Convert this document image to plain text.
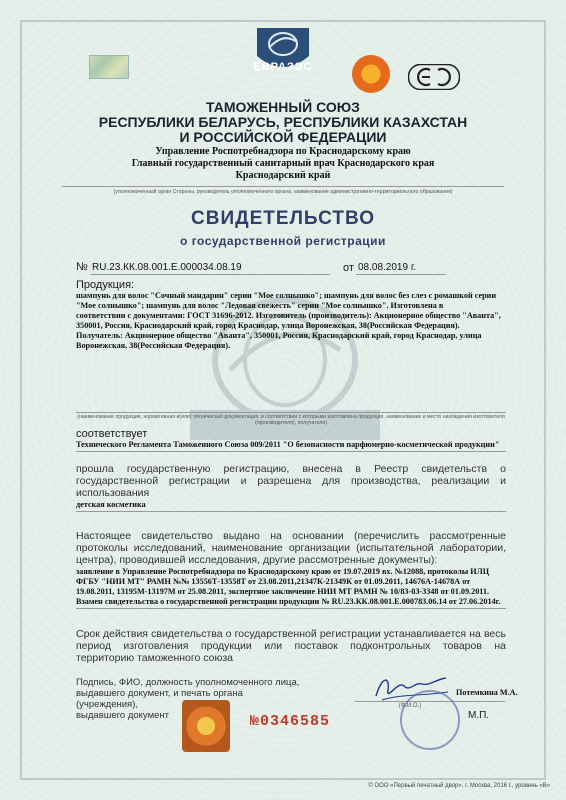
ЕВРАЗЭС
ТАМОЖЕННЫЙ СОЮЗ
РЕСПУБЛИКИ БЕЛАРУСЬ, РЕСПУБЛИКИ КАЗАХСТАН
И РОССИЙСКОЙ ФЕДЕРАЦИИ
Управление Роспотребнадзора по Краснодарскому краю
Главный государственный санитарный врач Краснодарского края
Краснодарский край
(уполномоченный орган Стороны, руководитель уполномоченного органа, наименование административно-территориального образования)
СВИДЕТЕЛЬСТВО
о государственной регистрации
№ RU.23.КК.08.001.Е.000034.08.19	от 08.08.2019 г.
Продукция:
шампунь для волос "Сочный мандарин" серии "Мое солнышко"; шампунь для волос без слез с ромашкой серии
"Мое солнышко"; шампунь для волос "Ледовая свежесть" серии "Мое солнышко". Изготовлена в
соответствии с документами: ГОСТ 31696-2012. Изготовитель (производитель): Акционерное общество "Аванта",
350001, Россия, Краснодарский край, город Краснодар, улица Воронежская, 38(Российская Федерация).
Получатель: Акционерное общество "Аванта", 350001, Россия, Краснодарский край, город Краснодар, улица
Воронежская, 38(Российская Федерация).
(наименование продукции, нормативная и(или) техническая документация, в соответствии с которыми изготовлена продукция, наименование и место нахождения изготовителя (производителя), получателя)
соответствует
Технического Регламента Таможенного Союза 009/2011 "О безопасности парфюмерно-косметической продукции"
прошла государственную регистрацию, внесена в Реестр свидетельств о
государственной регистрации и разрешена для производства, реализации и
использования
детская косметика
Настоящее свидетельство выдано на основании (перечислить рассмотренные
протоколы исследований, наименование организации (испытательной лаборатории,
центра), проводившей исследования, другие рассмотренные документы):
заявление в Управление Роспотребнадзора по Краснодарскому краю от 19.07.2019 вх. №12088, протоколы ИЛЦ
ФГБУ "НИИ МТ" РАМН №№ 13556Т-13558Т от 23.08.2011,21347К-21349К от 01.09.2011, 14676А-14678А от
19.08.2011, 13195М-13197М от 25.08.2011, экспертное заключение НИИ МТ РАМН № 10/83-03-3348 от 01.09.2011.
Взамен свидетельства о государственной регистрации продукции № RU.23.КК.08.001.Е.000783.06.14 от 27.06.2014г.
Срок действия свидетельства о государственной регистрации устанавливается на весь
период изготовления продукции или поставок подконтрольных товаров на
территорию таможенного союза
Подпись, ФИО, должность уполномоченного лица,
выдавшего документ, и печать органа (учреждения),
выдавшего документ
Потемкина М.А.
(Ф.И.О.)
М.П.
№0346585
© ООО «Первый печатный двор», г. Москва, 2016 г., уровень «В»
